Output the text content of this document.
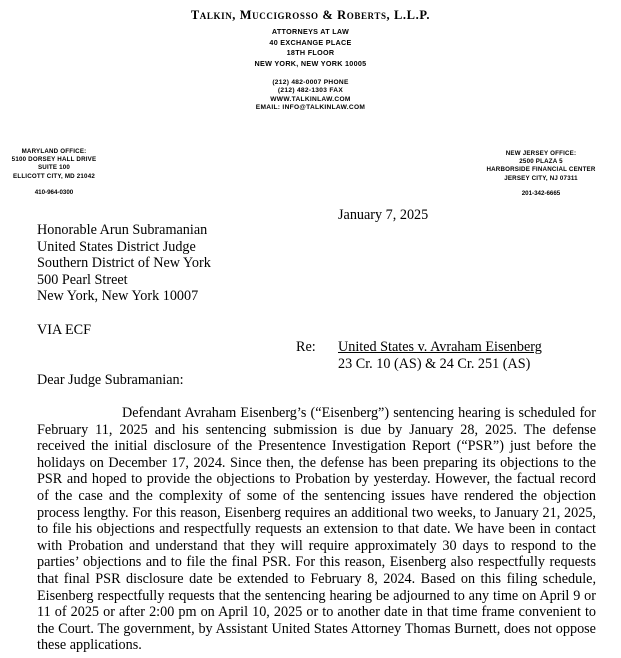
Talkin, Muccigrosso & Roberts, L.L.P.
ATTORNEYS AT LAW
40 EXCHANGE PLACE
18TH FLOOR
NEW YORK, NEW YORK 10005
(212) 482-0007 PHONE
(212) 482-1303 FAX
WWW.TALKINLAW.COM
EMAIL: INFO@TALKINLAW.COM
MARYLAND OFFICE:
5100 DORSEY HALL DRIVE
SUITE 100
ELLICOTT CITY, MD 21042
410-964-0300
NEW JERSEY OFFICE:
2500 PLAZA 5
HARBORSIDE FINANCIAL CENTER
JERSEY CITY, NJ 07311
201-342-6665
January 7, 2025
Honorable Arun Subramanian
United States District Judge
Southern District of New York
500 Pearl Street
New York, New York 10007
VIA ECF
Re: United States v. Avraham Eisenberg
23 Cr. 10 (AS) & 24 Cr. 251 (AS)
Dear Judge Subramanian:
Defendant Avraham Eisenberg’s (“Eisenberg”) sentencing hearing is scheduled for February 11, 2025 and his sentencing submission is due by January 28, 2025. The defense received the initial disclosure of the Presentence Investigation Report (“PSR”) just before the holidays on December 17, 2024. Since then, the defense has been preparing its objections to the PSR and hoped to provide the objections to Probation by yesterday. However, the factual record of the case and the complexity of some of the sentencing issues have rendered the objection process lengthy. For this reason, Eisenberg requires an additional two weeks, to January 21, 2025, to file his objections and respectfully requests an extension to that date. We have been in contact with Probation and understand that they will require approximately 30 days to respond to the parties’ objections and to file the final PSR. For this reason, Eisenberg also respectfully requests that final PSR disclosure date be extended to February 8, 2024. Based on this filing schedule, Eisenberg respectfully requests that the sentencing hearing be adjourned to any time on April 9 or 11 of 2025 or after 2:00 pm on April 10, 2025 or to another date in that time frame convenient to the Court. The government, by Assistant United States Attorney Thomas Burnett, does not oppose these applications.
